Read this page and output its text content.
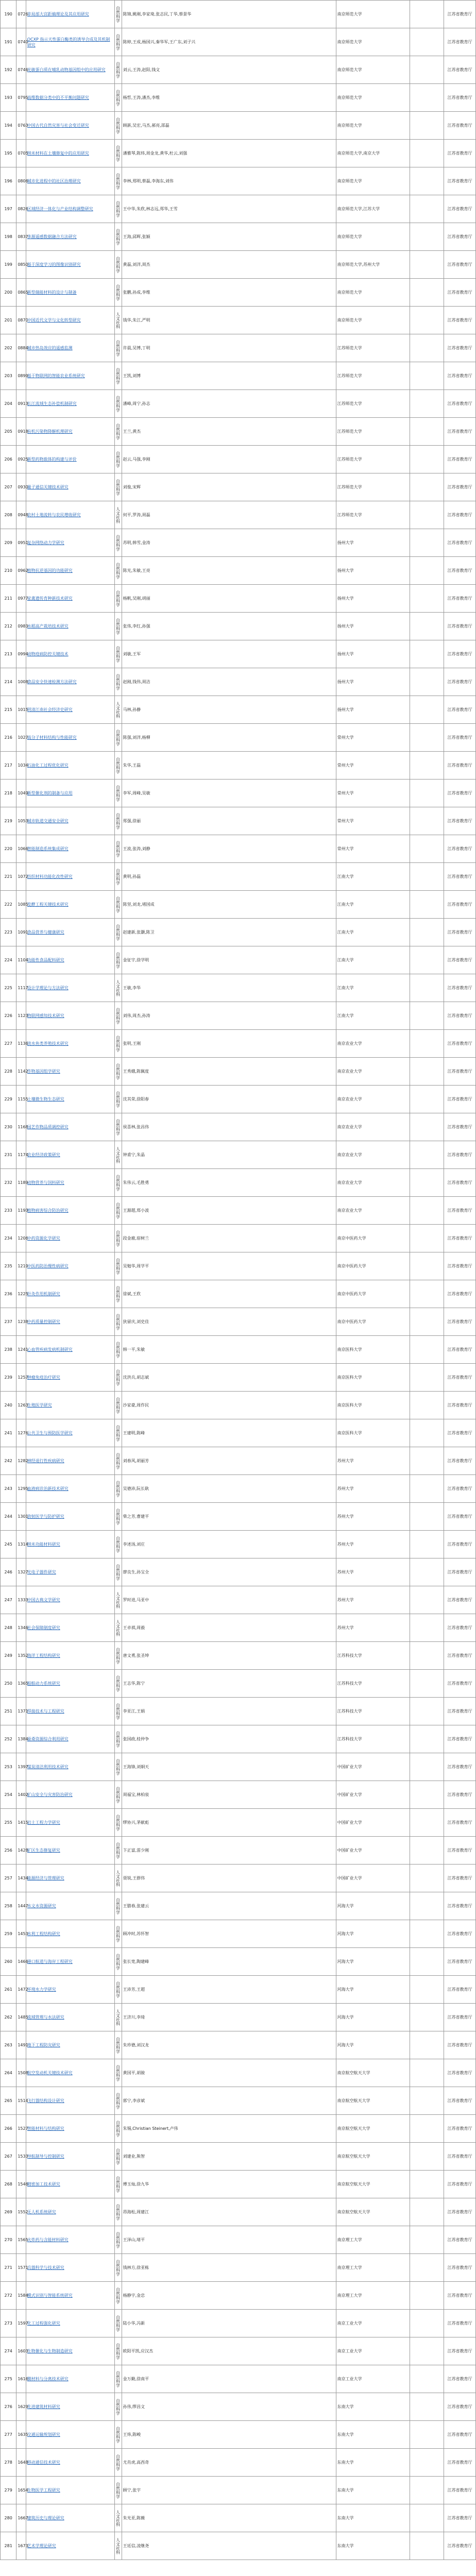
190	0726	非局部大宫距熵理论及其应用研究	自然科学	陈锦,姚刚,李家琦,张志民,丁华,蔡景华	南京师范大学		江苏省教育厅
191	0740	OCXP 指示天性蛋白酶类的诱导合成及其机制研究	自然科学	陈婷,王成,杨国兴,秦华军,王广东,刘子兴	南京师范大学		江苏省教育厅
192	0746	光敏蛋白质在哺乳动物基因组中的应用研究	自然科学	刘云,王涛,赵阳,钱文	南京师范大学		江苏省教育厅
193	0795	高维数据分类中的不平衡问题研究	自然科学	杨哲,王涛,潘杰,李维	南京师范大学		江苏省教育厅
194	0763	中国古代自然灾害与社会变迁研究	自然科学	顾新,吴宏,马杰,郝亮,邵磊	南京师范大学		江苏省教育厅
195	0705	纳米材料在土壤修复中的应用研究	自然科学	潘雅琴,陈炜,周金龙,黄华,杜云,刘强	南京师范大学,南京大学		江苏省教育厅
196	0806	城市化进程中的社区治理研究	自然科学	李林,郑明,蔡磊,李海东,刘伟	南京师范大学		江苏省教育厅
197	0826	区域经济一体化与产业结构调整研究	自然科学	王中华,朱欣,林志远,郑华,王雪	南京师范大学,江苏大学		江苏省教育厅
198	0837	多源遥感数据融合方法研究	自然科学	王海,邱辉,张颖	南京师范大学		江苏省教育厅
199	0850	基于深度学习的图像识别研究	自然科学	黄磊,刘洋,周杰	南京师范大学,苏州大学		江苏省教育厅
200	0865	新型储能材料的设计与制备	自然科学	张鹏,孙成,李维	南京师范大学		江苏省教育厅
201	0870	中国近代文学与文化转型研究	人文社科	钱华,朱江,严明	南京师范大学		江苏省教育厅
202	0884	城市热岛效应的遥感监测	自然科学	许晨,吴博,丁明	江苏师范大学		江苏省教育厅
203	0899	基于物联网的智能农业系统研究	自然科学	王凯,刘博	江苏师范大学		江苏省教育厅
204	0913	长江流域生态补偿机制研究	自然科学	潘峰,周宁,孙志	江苏师范大学		江苏省教育厅
205	0918	有机污染物降解机理研究	自然科学	王兰,黄杰	江苏师范大学		江苏省教育厅
206	0925	新型药物载体的构建与评价	自然科学	赵云,马强,李刚	江苏师范大学		江苏省教育厅
207	0930	量子通信关键技术研究	自然科学	刘俊,宋辉	江苏师范大学		江苏省教育厅
208	0948	农村土地流转与农民增收研究	人文社科	何平,罗涛,周磊	江苏师范大学		江苏省教育厅
209	0951	复杂网络动力学研究	自然科学	苏明,韩雪,金涛	扬州大学		江苏省教育厅
210	0962	植物抗逆基因的功能研究	自然科学	陈光,朱敏,王亮	扬州大学		江苏省教育厅
211	0977	家禽遗传育种新技术研究	自然科学	杨帆,吴刚,胡丽	扬州大学		江苏省教育厅
212	0983	水稻高产栽培技术研究	自然科学	张伟,李红,孙强	扬州大学		江苏省教育厅
213	0994	动物疫病防控关键技术	自然科学	刘敏,王军	扬州大学		江苏省教育厅
214	1008	食品安全快速检测方法研究	自然科学	赵刚,钱伟,周洁	扬州大学		江苏省教育厅
215	1015	明清江南社会经济史研究	人文社科	马林,孙静	扬州大学		江苏省教育厅
216	1027	高分子材料结构与性能研究	自然科学	陈强,刘洋,杨柳	常州大学		江苏省教育厅
217	1034	石油化工过程优化研究	自然科学	朱华,王磊	常州大学		江苏省教育厅
218	1049	新型催化剂的制备与应用	自然科学	李军,周峰,吴敏	常州大学		江苏省教育厅
219	1053	城市轨道交通安全研究	自然科学	郑强,徐丽	常州大学		江苏省教育厅
220	1066	智能制造系统集成研究	自然科学	王波,张涛,刘静	常州大学		江苏省教育厅
221	1072	纺织材料功能化改性研究	自然科学	黄明,孙磊	江南大学		江苏省教育厅
222	1085	发酵工程关键技术研究	自然科学	陈坚,刘龙,堵国成	江南大学		江苏省教育厅
223	1091	食品营养与健康研究	自然科学	赵建新,张灏,陈卫	江南大学		江苏省教育厅
224	1104	功能性食品配料研究	自然科学	金征宇,徐学明	江南大学		江苏省教育厅
225	1117	设计学理论与方法研究	人文社科	王敏,李华	江南大学		江苏省教育厅
226	1123	物联网感知技术研究	自然科学	刘伟,周杰,孙涛	江南大学		江苏省教育厅
227	1136	淡水鱼类养殖技术研究	自然科学	张明,王刚	南京农业大学		江苏省教育厅
228	1142	作物基因组学研究	自然科学	王秀娥,陈佩度	南京农业大学		江苏省教育厅
229	1155	土壤微生物生态研究	自然科学	沈其荣,徐阳春	南京农业大学		江苏省教育厅
230	1168	园艺作物品质调控研究	自然科学	侯喜林,张昌伟	南京农业大学		江苏省教育厅
231	1174	农业经济政策研究	人文社科	钟甫宁,朱晶	南京农业大学		江苏省教育厅
232	1189	动物营养与饲料研究	自然科学	朱伟云,毛胜勇	南京农业大学		江苏省教育厅
233	1193	植物病害综合防治研究	自然科学	王源超,郑小波	南京农业大学		江苏省教育厅
234	1206	中药资源化学研究	自然科学	段金廒,宿树兰	南京中医药大学		江苏省教育厅
235	1219	中医药防治慢性病研究	自然科学	吴勉华,周学平	南京中医药大学		江苏省教育厅
236	1225	针灸作用机制研究	自然科学	徐斌,王欣	南京中医药大学		江苏省教育厅
237	1238	中药质量控制研究	自然科学	狄留庆,刘史佳	南京中医药大学		江苏省教育厅
238	1241	心血管疾病发病机制研究	自然科学	韩一平,朱敏	南京医科大学		江苏省教育厅
239	1257	肿瘤免疫治疗研究	自然科学	沈洪兵,胡志斌	南京医科大学		江苏省教育厅
240	1263	生殖医学研究	自然科学	沙家豪,周作民	南京医科大学		江苏省教育厅
241	1276	公共卫生与预防医学研究	自然科学	王建明,陈峰	南京医科大学		江苏省教育厅
242	1282	神经退行性疾病研究	自然科学	刘春风,胡丽芳	苏州大学		江苏省教育厅
243	1295	血液病诊治新技术研究	自然科学	吴德沛,阮长耿	苏州大学		江苏省教育厅
244	1301	放射医学与防护研究	自然科学	柴之芳,曹建平	苏州大学		江苏省教育厅
245	1314	纳米功能材料研究	自然科学	李述汤,刘庄	苏州大学		江苏省教育厅
246	1327	光电子器件研究	自然科学	廖良生,孙宝全	苏州大学		江苏省教育厅
247	1333	中国古典文学研究	人文社科	罗时进,马亚中	苏州大学		江苏省教育厅
248	1346	社会保障制度研究	人文社科	王卓祺,周毅	苏州大学		江苏省教育厅
249	1352	海洋工程结构研究	自然科学	唐文勇,张圣坤	江苏科技大学		江苏省教育厅
250	1365	船舶动力系统研究	自然科学	王志华,陈宁	江苏科技大学		江苏省教育厅
251	1371	焊接技术与工程研究	自然科学	李亚江,王娟	江苏科技大学		江苏省教育厅
252	1384	蚕桑资源综合利用研究	自然科学	张国政,桂仲争	江苏科技大学		江苏省教育厅
253	1397	煤炭清洁利用技术研究	自然科学	王海锋,刘炯天	中国矿业大学		江苏省教育厅
254	1402	矿山安全与灾害防治研究	自然科学	周福宝,林柏泉	中国矿业大学		江苏省教育厅
255	1415	岩土工程力学研究	自然科学	缪协兴,茅献彪	中国矿业大学		江苏省教育厅
256	1428	矿区生态修复研究	自然科学	卞正富,雷少刚	中国矿业大学		江苏省教育厅
257	1434	能源经济与管理研究	人文社科	聂锐,王群伟	中国矿业大学		江苏省教育厅
258	1447	水文水资源研究	自然科学	王腊春,张建云	河海大学		江苏省教育厅
259	1453	水利工程结构研究	自然科学	顾冲时,苏怀智	河海大学		江苏省教育厅
260	1466	港口航道与海岸工程研究	自然科学	张长宽,陶建峰	河海大学		江苏省教育厅
261	1472	环境水力学研究	自然科学	王沛芳,王超	河海大学		江苏省教育厅
262	1485	流域管理与水法研究	人文社科	王济川,李琦	河海大学		江苏省教育厅
263	1491	地下工程防灾研究	自然科学	朱珍德,刘汉龙	河海大学		江苏省教育厅
264	1508	航空发动机关键技术研究	自然科学	黄国平,胡骏	南京航空航天大学		江苏省教育厅
265	1514	飞行器结构设计研究	自然科学	郭宁,李彦斌	南京航空航天大学		江苏省教育厅
266	1527	智能材料与结构研究	自然科学	朱锡,Christian Steinert,卢伟	南京航空航天大学		江苏省教育厅
267	1533	导航制导与控制研究	自然科学	刘建业,熊智	南京航空航天大学		江苏省教育厅
268	1546	精密加工技术研究	自然科学	傅玉灿,徐九华	南京航空航天大学		江苏省教育厅
269	1552	无人机系统研究	自然科学	昂海松,周建江	南京航空航天大学		江苏省教育厅
270	1565	火炸药与含能材料研究	自然科学	王泽山,堵平	南京理工大学		江苏省教育厅
271	1571	兵器科学与技术研究	自然科学	钱林方,徐亚栋	南京理工大学		江苏省教育厅
272	1584	模式识别与智能系统研究	自然科学	杨静宇,金忠	南京理工大学		江苏省教育厅
273	1597	化工过程强化研究	自然科学	陆小华,冯新	南京工业大学		江苏省教育厅
274	1603	生物催化与生物制造研究	自然科学	欧阳平凯,应汉杰	南京工业大学		江苏省教育厅
275	1616	膜材料与分离技术研究	自然科学	金万勤,徐南平	南京工业大学		江苏省教育厅
276	1629	先进建筑材料研究	自然科学	孙伟,缪昌文	东南大学		江苏省教育厅
277	1635	交通运输规划研究	自然科学	王炜,陈峻	东南大学		江苏省教育厅
278	1648	移动通信技术研究	自然科学	尤肖虎,高西奇	东南大学		江苏省教育厅
279	1654	生物医学工程研究	自然科学	顾宁,张宇	东南大学		江苏省教育厅
280	1667	建筑历史与理论研究	人文社科	朱光亚,陈薇	东南大学		江苏省教育厅
281	1673	艺术学理论研究	人文社科	王廷信,凌继尧	东南大学		江苏省教育厅
